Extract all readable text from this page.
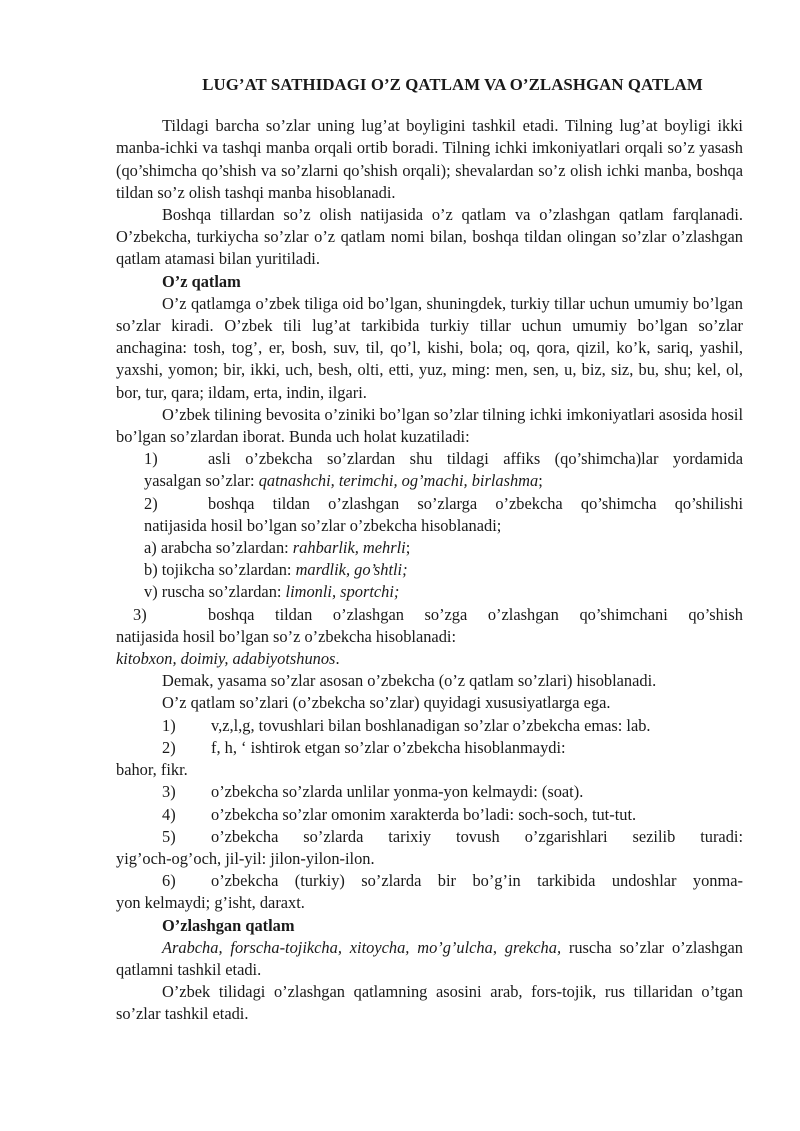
LUG’AT SATHIDAGI O’Z QATLAM VA O’ZLASHGAN QATLAM

Tildagi barcha so’zlar uning lug’at boyligini tashkil etadi. Tilning lug’at boyligi ikki manba-ichki va tashqi manba orqali ortib boradi. Tilning ichki imkoniyatlari orqali so’z yasash (qo’shimcha qo’shish va so’zlarni qo’shish orqali); shevalardan so’z olish ichki manba, boshqa tildan so’z olish tashqi manba hisoblanadi.

Boshqa tillardan so’z olish natijasida o’z qatlam va o’zlashgan qatlam farqlanadi. O’zbekcha, turkiycha so’zlar o’z qatlam nomi bilan, boshqa tildan olingan so’zlar o’zlashgan qatlam atamasi bilan yuritiladi.

O’z qatlam

O’z qatlamga o’zbek tiliga oid bo’lgan, shuningdek, turkiy tillar uchun umumiy bo’lgan so’zlar kiradi. O’zbek tili lug’at tarkibida turkiy tillar uchun umumiy bo’lgan so’zlar anchagina: tosh, tog’, er, bosh, suv, til, qo’l, kishi, bola; oq, qora, qizil, ko’k, sariq, yashil, yaxshi, yomon; bir, ikki, uch, besh, olti, etti, yuz, ming: men, sen, u, biz, siz, bu, shu; kel, ol, bor, tur, qara; ildam, erta, indin, ilgari.

O’zbek tilining bevosita o’ziniki bo’lgan so’zlar tilning ichki imkoniyatlari asosida hosil bo’lgan so’zlardan iborat. Bunda uch holat kuzatiladi:

1)	asli o’zbekcha so’zlardan shu tildagi affiks (qo’shimcha)lar yordamida

yasalgan so’zlar: qatnashchi, terimchi, og’machi, birlashma;

2)	boshqa tildan o’zlashgan so’zlarga o’zbekcha qo’shimcha qo’shilishi

natijasida hosil bo’lgan so’zlar o’zbekcha hisoblanadi;

a) arabcha so’zlardan: rahbarlik, mehrli;

b) tojikcha so’zlardan: mardlik, go’shtli;

v) ruscha so’zlardan: limonli, sportchi;

3)	boshqa tildan o’zlashgan so’zga o’zlashgan qo’shimchani qo’shish

natijasida hosil bo’lgan so’z o’zbekcha hisoblanadi:

kitobxon, doimiy, adabiyotshunos.

Demak, yasama so’zlar asosan o’zbekcha (o’z qatlam so’zlari) hisoblanadi.

O’z qatlam so’zlari (o’zbekcha so’zlar) quyidagi xususiyatlarga ega.

1) v,z,l,g, tovushlari bilan boshlanadigan so’zlar o’zbekcha emas: lab.

2) f, h, ‘ ishtirok etgan so’zlar o’zbekcha hisoblanmaydi:

bahor, fikr.

3) o’zbekcha so’zlarda unlilar yonma-yon kelmaydi: (soat).

4) o’zbekcha so’zlar omonim xarakterda bo’ladi: soch-soch, tut-tut.

5) o’zbekcha so’zlarda tarixiy tovush o’zgarishlari sezilib turadi:

yig’och-og’och, jil-yil: jilon-yilon-ilon.

6) o’zbekcha (turkiy) so’zlarda bir bo’g’in tarkibida undoshlar yonma-

yon kelmaydi; g’isht, daraxt.

O’zlashgan qatlam

Arabcha, forscha-tojikcha, xitoycha, mo’g’ulcha, grekcha, ruscha so’zlar o’zlashgan qatlamni tashkil etadi.

O’zbek tilidagi o’zlashgan qatlamning asosini arab, fors-tojik, rus tillaridan o’tgan so’zlar tashkil etadi.
